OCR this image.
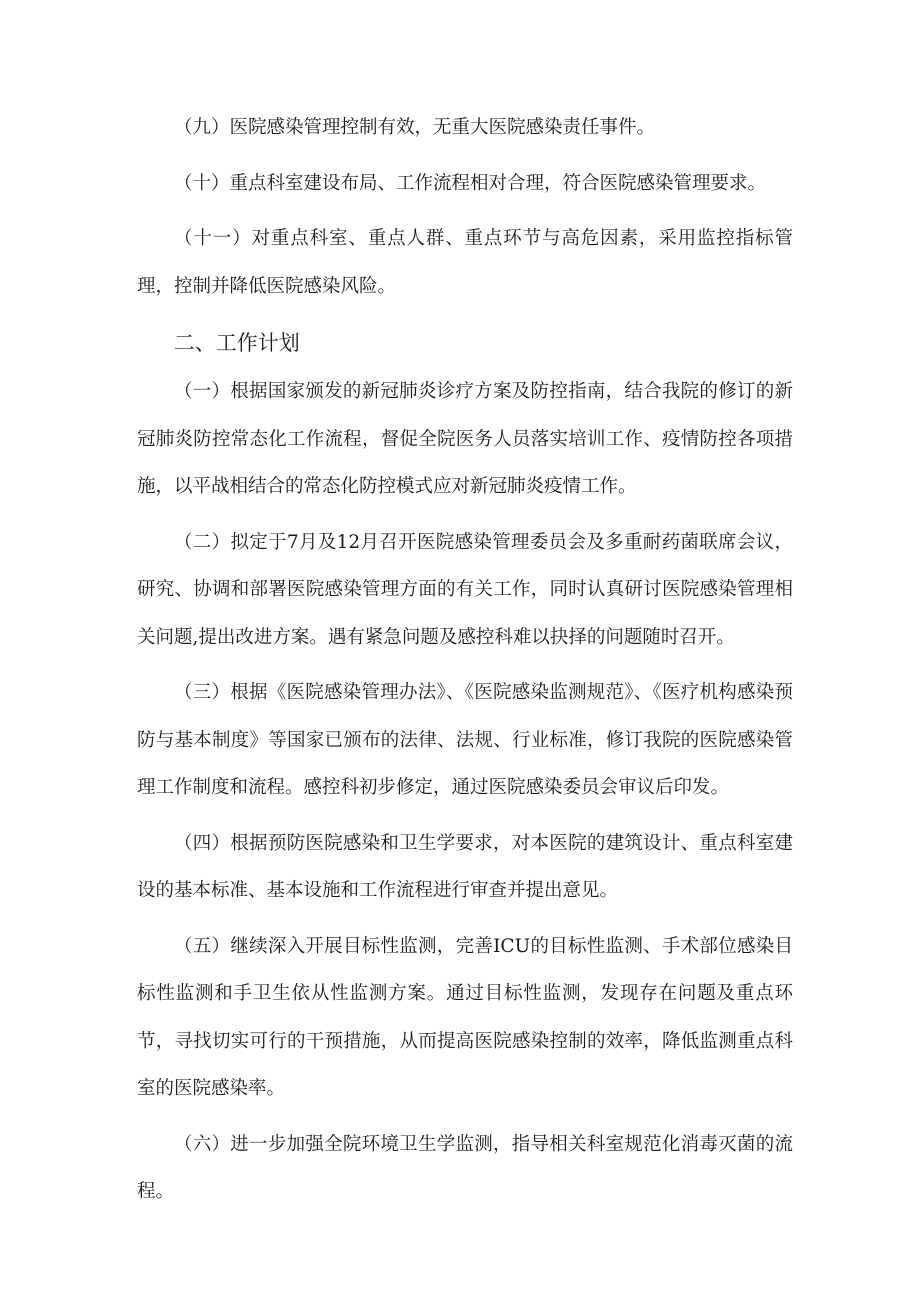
（九）医院感染管理控制有效，无重大医院感染责任事件。

（十）重点科室建设布局、工作流程相对合理，符合医院感染管理要求。

（十一）对重点科室、重点人群、重点环节与高危因素，采用监控指标管理，控制并降低医院感染风险。

二、工作计划

（一）根据国家颁发的新冠肺炎诊疗方案及防控指南，结合我院的修订的新冠肺炎防控常态化工作流程，督促全院医务人员落实培训工作、疫情防控各项措施，以平战相结合的常态化防控模式应对新冠肺炎疫情工作。

（二）拟定于7月及12月召开医院感染管理委员会及多重耐药菌联席会议，研究、协调和部署医院感染管理方面的有关工作，同时认真研讨医院感染管理相关问题,提出改进方案。遇有紧急问题及感控科难以抉择的问题随时召开。

（三）根据《医院感染管理办法》、《医院感染监测规范》、《医疗机构感染预防与基本制度》等国家已颁布的法律、法规、行业标准，修订我院的医院感染管理工作制度和流程。感控科初步修定，通过医院感染委员会审议后印发。

（四）根据预防医院感染和卫生学要求，对本医院的建筑设计、重点科室建设的基本标准、基本设施和工作流程进行审查并提出意见。

（五）继续深入开展目标性监测，完善ICU的目标性监测、手术部位感染目标性监测和手卫生依从性监测方案。通过目标性监测，发现存在问题及重点环节，寻找切实可行的干预措施，从而提高医院感染控制的效率，降低监测重点科室的医院感染率。

（六）进一步加强全院环境卫生学监测，指导相关科室规范化消毒灭菌的流程。
